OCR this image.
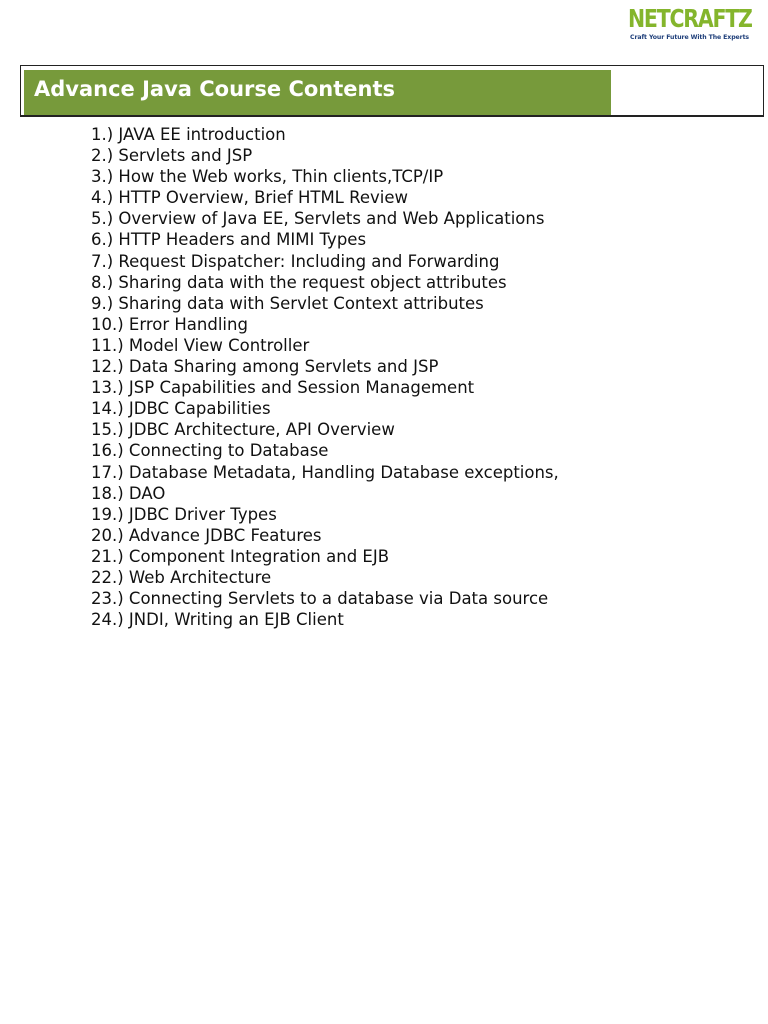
NETCRAFTZ
Craft Your Future With The Experts
Advance Java Course Contents
1.) JAVA EE introduction
2.) Servlets and JSP
3.) How the Web works, Thin clients,TCP/IP
4.) HTTP Overview, Brief HTML Review
5.) Overview of Java EE, Servlets and Web Applications
6.) HTTP Headers and MIMI Types
7.) Request Dispatcher: Including and Forwarding
8.) Sharing data with the request object attributes
9.) Sharing data with Servlet Context attributes
10.) Error Handling
11.) Model View Controller
12.) Data Sharing among Servlets and JSP
13.) JSP Capabilities and Session Management
14.) JDBC Capabilities
15.) JDBC Architecture, API Overview
16.) Connecting to Database
17.) Database Metadata, Handling Database exceptions,
18.) DAO
19.) JDBC Driver Types
20.) Advance JDBC Features
21.) Component Integration and EJB
22.) Web Architecture
23.) Connecting Servlets to a database via Data source
24.) JNDI, Writing an EJB Client
